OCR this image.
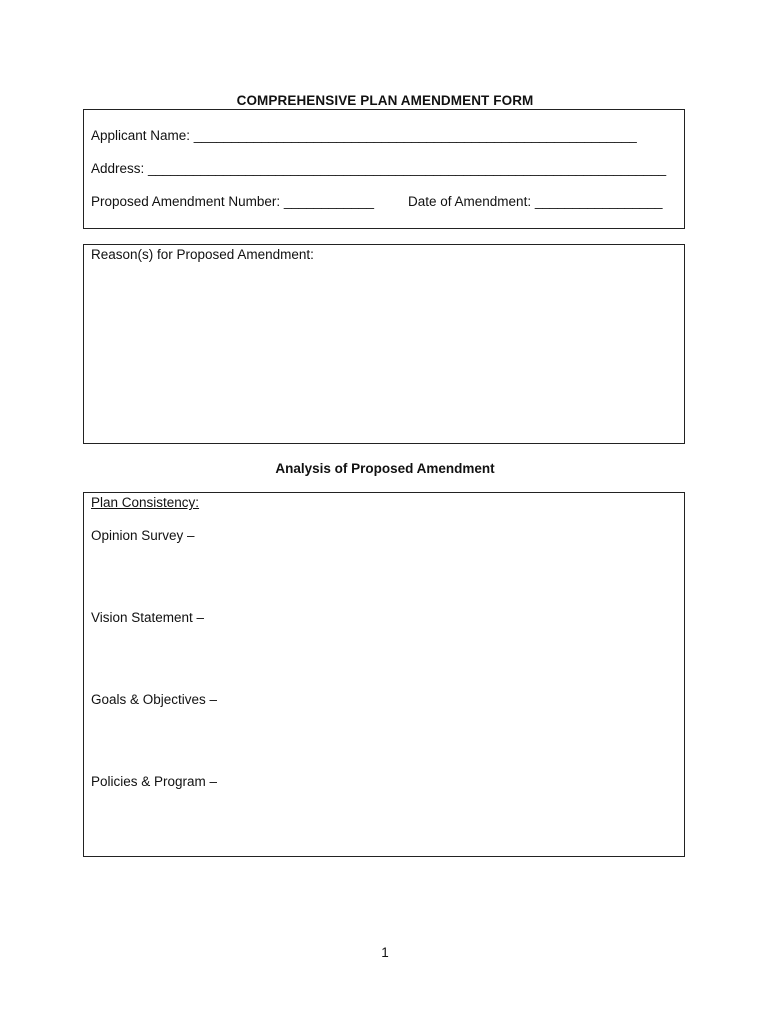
COMPREHENSIVE PLAN AMENDMENT FORM
Applicant Name: ___________________________________________________________
Address: _____________________________________________________________________
Proposed Amendment Number: ____________	Date of Amendment: _________________
Reason(s) for Proposed Amendment:
Analysis of Proposed Amendment
Plan Consistency:
Opinion Survey –
Vision Statement –
Goals & Objectives –
Policies & Program –
1
